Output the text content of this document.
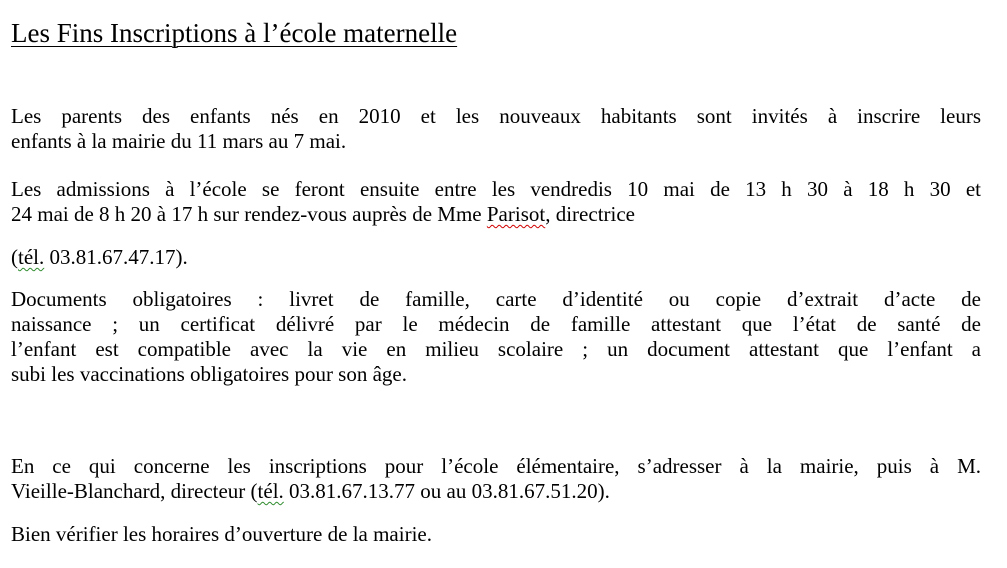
Les Fins Inscriptions à l’école maternelle
Les parents des enfants nés en 2010 et les nouveaux habitants sont invités à inscrire leurs
enfants à la mairie du 11 mars au 7 mai.
Les admissions à l’école se feront ensuite entre les vendredis 10 mai de 13 h 30 à 18 h 30 et
24 mai de 8 h 20 à 17 h sur rendez-vous auprès de Mme Parisot, directrice
(tél. 03.81.67.47.17).
Documents obligatoires : livret de famille, carte d’identité ou copie d’extrait d’acte de
naissance ; un certificat délivré par le médecin de famille attestant que l’état de santé de
l’enfant est compatible avec la vie en milieu scolaire ; un document attestant que l’enfant a
subi les vaccinations obligatoires pour son âge.
En ce qui concerne les inscriptions pour l’école élémentaire, s’adresser à la mairie, puis à M.
Vieille-Blanchard, directeur (tél. 03.81.67.13.77 ou au 03.81.67.51.20).
Bien vérifier les horaires d’ouverture de la mairie.
